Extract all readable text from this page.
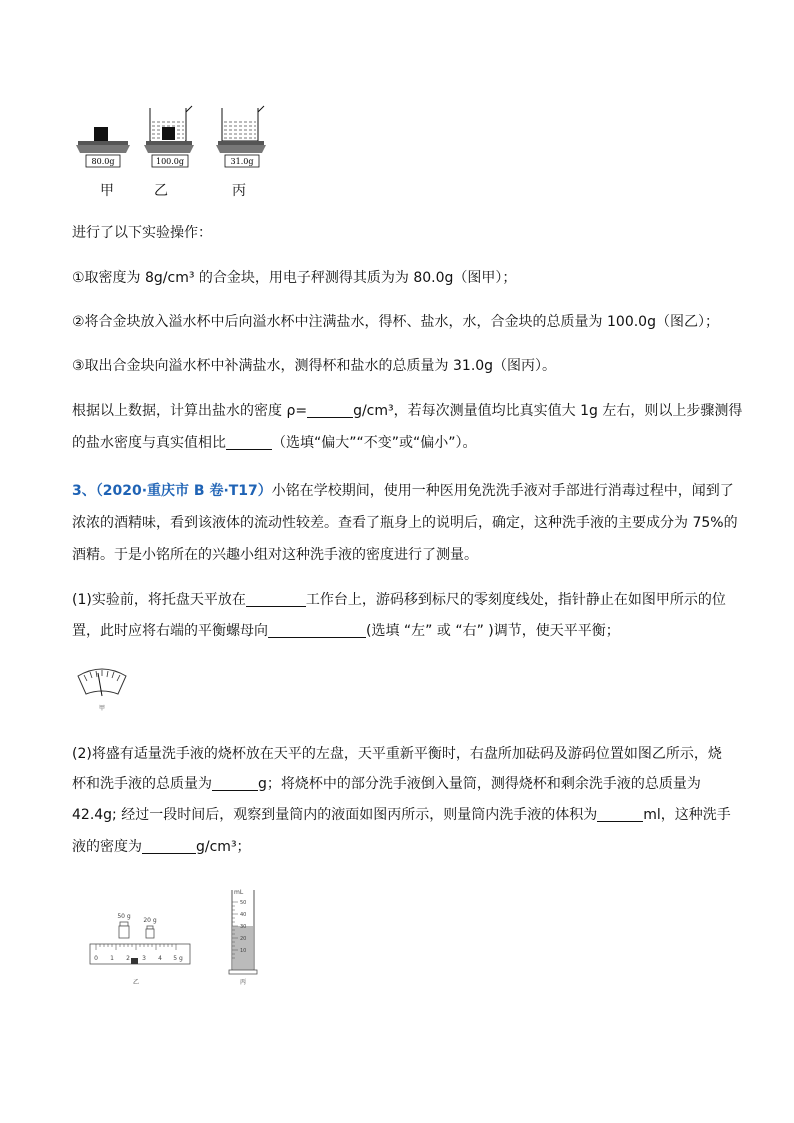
80.0g	100.0g	31.0g
甲	乙	丙
进行了以下实验操作：
①取密度为 8g/cm³ 的合金块，用电子秤测得其质为为 80.0g（图甲）；
②将合金块放入溢水杯中后向溢水杯中注满盐水，得杯、盐水，水，合金块的总质量为 100.0g（图乙）；
③取出合金块向溢水杯中补满盐水，测得杯和盐水的总质量为 31.0g（图丙）。
根据以上数据，计算出盐水的密度 ρ=	g/cm³，若每次测量值均比真实值大 1g 左右，则以上步骤测得
的盐水密度与真实值相比	（选填“偏大”“不变”或“偏小”）。
3、（2020·重庆市 B 卷·T17）小铭在学校期间，使用一种医用免洗洗手液对手部进行消毒过程中，闻到了
浓浓的酒精味，看到该液体的流动性较差。查看了瓶身上的说明后，确定，这种洗手液的主要成分为 75%的
酒精。于是小铭所在的兴趣小组对这种洗手液的密度进行了测量。
(1)实验前，将托盘天平放在	工作台上，游码移到标尺的零刻度线处，指针静止在如图甲所示的位
置，此时应将右端的平衡螺母向	(选填 “左” 或 “右” )调节，使天平平衡；
甲
(2)将盛有适量洗手液的烧杯放在天平的左盘，天平重新平衡时，右盘所加砝码及游码位置如图乙所示，烧
杯和洗手液的总质量为	g；将烧杯中的部分洗手液倒入量筒，测得烧杯和剩余洗手液的总质量为
42.4g; 经过一段时间后，观察到量筒内的液面如图丙所示，则量筒内洗手液的体积为	ml，这种洗手
液的密度为	g/cm³；
50 g
20 g
0 1 2 3 4 5 g
乙
mL
50
40
30
20
10
丙
